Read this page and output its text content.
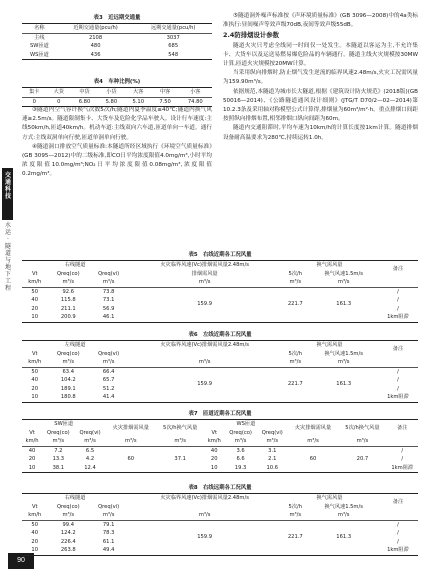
交
通
科
技
水
运
·
隧
道
与
地
下
工
程
90
表3　近远期交通量
名称	近期交通量(pcu/h)	远期交通量(pcu/h)
主线	2108	3037
SW匝道	480	685
WS匝道	436	548
表4　车种比例(%)
集卡	大货	中货	小货	大客	中客	小客
0	0	6.80	5.80	5.10	7.50	74.80

③隧道内空气容许换气次数5次/h;隧道内夏季温度≤40℃;隧道内换气风速≥2.5m/s。隧道限制集卡、大货车及危险化学品车驶入。设计行车速度:主线50km/h,匝道40km/h。机动车道:主线双向六车道,匝道单向一车道。通行方式:主线双洞单向行驶,匝道单洞单向行驶。

④隧道洞口排放空气质量标准:本隧道所经区域执行《环境空气质量标准》(GB 3095—2012)中的二级标准,即CO日平均浓度限值4.0mg/m³,小时平均浓度限值10.0mg/m³;NO₂日平均浓度限值0.08mg/m³,浓度限值0.2mg/m³。

⑤隧道洞外噪声标准按《声环境质量标准》(GB 3096—2008)中的4a类标准执行:昼间噪声等效声级70dB,夜间等效声级55dB。

2.4防排烟设计参数

隧道火灾只考虑全线同一时间仅一处发生。本隧道以客运为主,不允许集卡、大货车以及运送易燃易爆危险品的车辆通行。隧道主线火灾规模按30MW计算,匝道火灾规模按20MW计算。

当采用纵向排烟时,防止烟气发生逆流的临界风速2.48m/s,火灾工况需风量为159.90m³/s。

依据规范,本隧道为城市长大隧道,根据《建筑设计防火规范》(2018版)(GB 50016—2014)、《公路隧道通风设计细则》(JTG/T D70/2—02—2014)第10.2.3条及采用轴对称模型公式计算得,排烟量为60m³/m²·h。重点排烟口间距按照纵向排烟布置,相邻排烟口纵向间距为60m。

隧道内交通阻滞时,平均车速为10km/h的计算长度按1km计算。隧道排烟设备耐高温要求为280℃,持续运转1.0h。

表5　右线近期各工况风量
右线隧道			火灾临界风速(Vc)排烟需风量2.48m/s	换气需风量		备注
Vt	Qreq(co)	Qreq(vi)	排烟需风量	5次/h	换气风速1.5m/s	
km/h	m³/s	m³/s	m³/s	m³/s	m³/s	
50	92.6	73.8	159.9	221.7	161.3	/
40	115.8	73.1				/
20	211.1	56.9				/
10	200.9	46.1				1km阻滞
表6　左线近期各工况风量
左线隧道			火灾临界风速(Vc)排烟需风量2.48m/s	换气需风量		备注
Vt	Qreq(co)	Qreq(vi)		5次/h	换气风速1.5m/s	
km/h	m³/s	m³/s	m³/s	m³/s	m³/s	
50	63.4	66.4	159.9	221.7	161.3	/
40	104.2	65.7				/
20	189.1	51.2				/
10	180.8	41.4				1km阻滞
表7　匝道近期各工况风量
SW匝道			火灾排烟需风量	5次/h换气风量	WS匝道			火灾排烟需风量	5次/h换气风量	备注
Vt	Qreq(co)	Qreq(vi)			Vt	Qreq(co)	Qreq(vi)			
km/h	m³/s	m³/s	m³/s	m³/s	km/h	m³/s	m³/s	m³/s	m³/s	
40	7.2	6.5	60	37.1	40	3.6	3.1	60	20.7	/
20	13.3	4.2			20	6.6	2.1			/
10	38.1	12.4			10	19.3	10.6			1km阻滞
表8　右线远期各工况风量
右线隧道			火灾临界风速(Vc)排烟需风量2.48m/s	换气需风量		备注
Vt	Qreq(co)	Qreq(vi)		5次/h	换气风速1.5m/s	
km/h	m³/s	m³/s	m³/s	m³/s	m³/s	
50	99.4	79.1	159.9	221.7	161.3	/
40	124.2	78.3				/
20	226.4	61.1				/
10	263.8	49.4				1km阻滞
